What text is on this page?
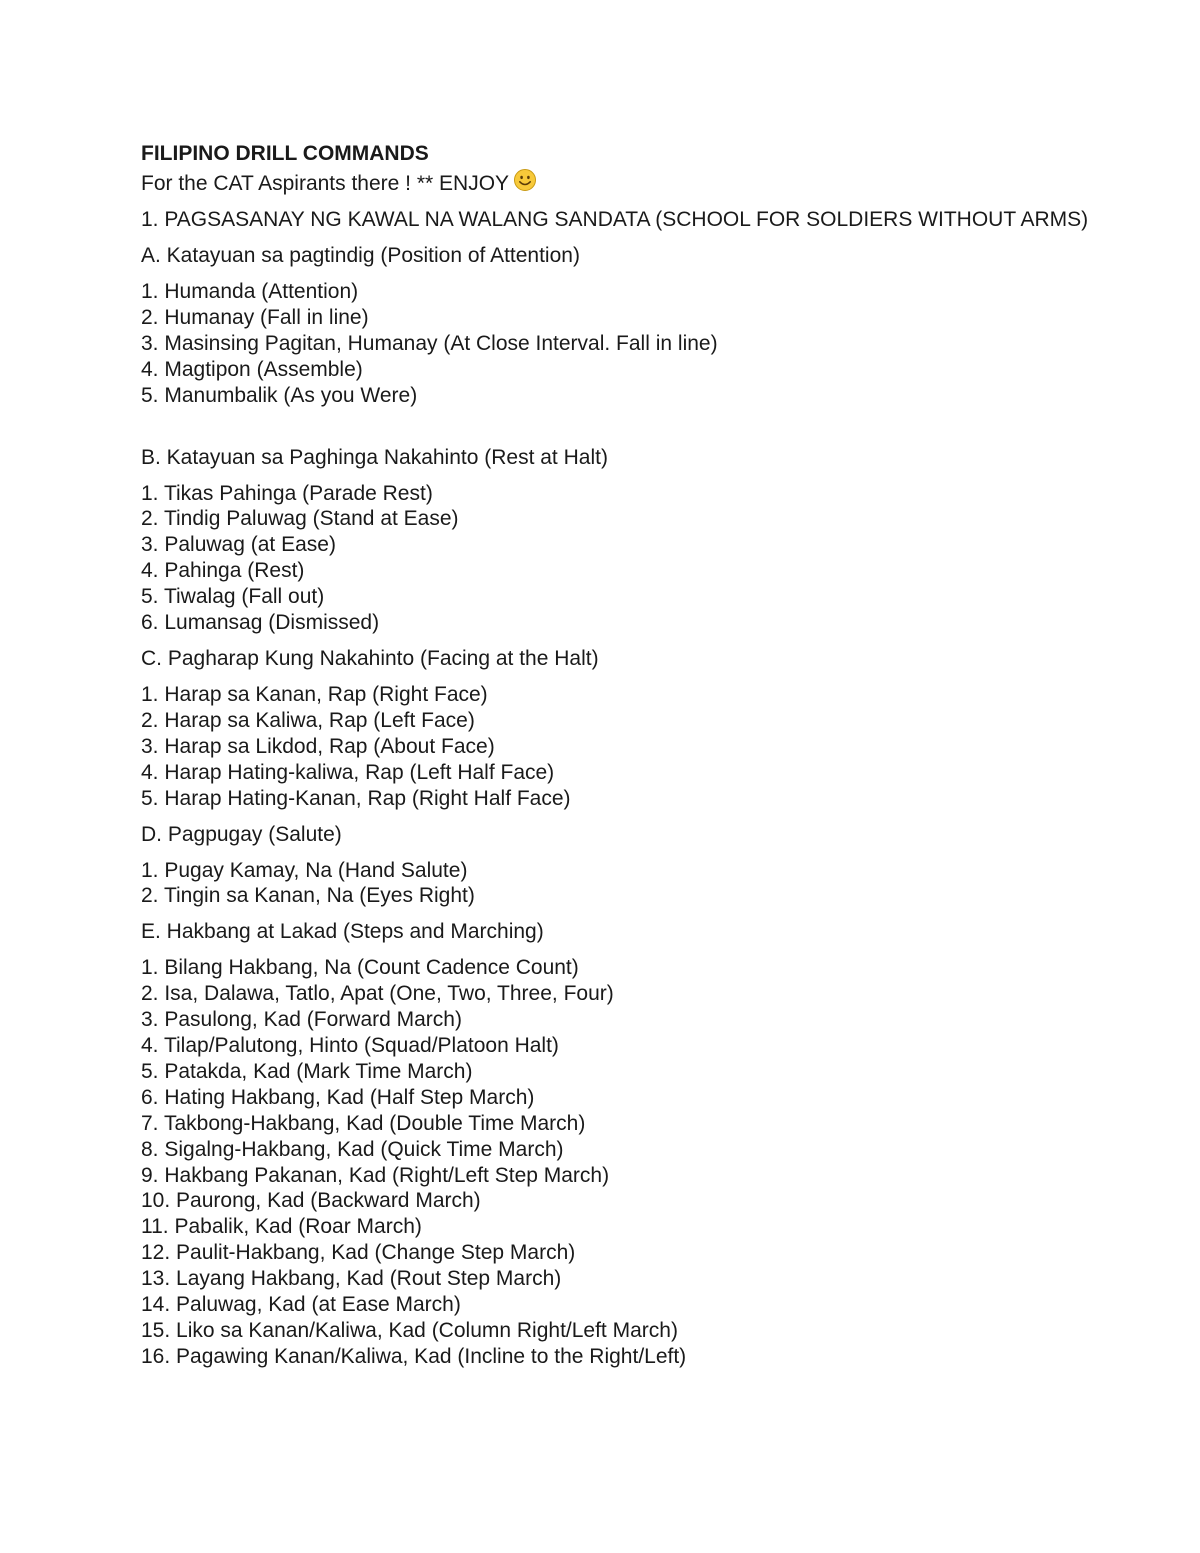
FILIPINO DRILL COMMANDS

For the CAT Aspirants there ! ** ENJOY

1. PAGSASANAY NG KAWAL NA WALANG SANDATA (SCHOOL FOR SOLDIERS WITHOUT ARMS)

A. Katayuan sa pagtindig (Position of Attention)

1. Humanda (Attention)
2. Humanay (Fall in line)
3. Masinsing Pagitan, Humanay (At Close Interval. Fall in line)
4. Magtipon (Assemble)
5. Manumbalik (As you Were)

B. Katayuan sa Paghinga Nakahinto (Rest at Halt)

1. Tikas Pahinga (Parade Rest)
2. Tindig Paluwag (Stand at Ease)
3. Paluwag (at Ease)
4. Pahinga (Rest)
5. Tiwalag (Fall out)
6. Lumansag (Dismissed)

C. Pagharap Kung Nakahinto (Facing at the Halt)

1. Harap sa Kanan, Rap (Right Face)
2. Harap sa Kaliwa, Rap (Left Face)
3. Harap sa Likdod, Rap (About Face)
4. Harap Hating-kaliwa, Rap (Left Half Face)
5. Harap Hating-Kanan, Rap (Right Half Face)

D. Pagpugay (Salute)

1. Pugay Kamay, Na (Hand Salute)
2. Tingin sa Kanan, Na (Eyes Right)

E. Hakbang at Lakad (Steps and Marching)

1. Bilang Hakbang, Na (Count Cadence Count)
2. Isa, Dalawa, Tatlo, Apat (One, Two, Three, Four)
3. Pasulong, Kad (Forward March)
4. Tilap/Palutong, Hinto (Squad/Platoon Halt)
5. Patakda, Kad (Mark Time March)
6. Hating Hakbang, Kad (Half Step March)
7. Takbong-Hakbang, Kad (Double Time March)
8. Sigalng-Hakbang, Kad (Quick Time March)
9. Hakbang Pakanan, Kad (Right/Left Step March)
10. Paurong, Kad (Backward March)
11. Pabalik, Kad (Roar March)
12. Paulit-Hakbang, Kad (Change Step March)
13. Layang Hakbang, Kad (Rout Step March)
14. Paluwag, Kad (at Ease March)
15. Liko sa Kanan/Kaliwa, Kad (Column Right/Left March)
16. Pagawing Kanan/Kaliwa, Kad (Incline to the Right/Left)
